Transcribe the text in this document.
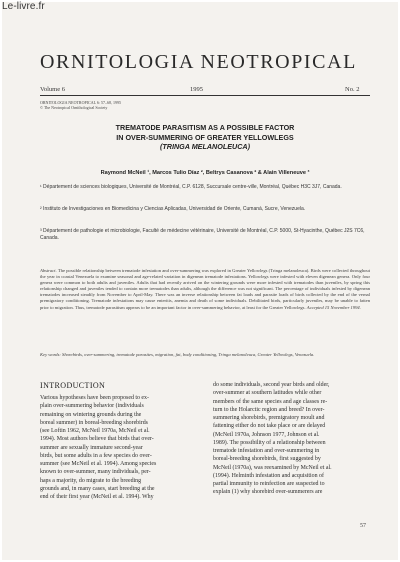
Le-livre.fr
ORNITOLOGIA NEOTROPICAL
Volume 6	1995	No. 2
ORNITOLOGIA NEOTROPICAL 6: 57–68, 1995
© The Neotropical Ornithological Society
TREMATODE PARASITISM AS A POSSIBLE FACTOR
IN OVER-SUMMERING OF GREATER YELLOWLEGS
(TRINGA MELANOLEUCA)
Raymond McNeil ¹, Marcos Tulio Díaz ², Beltrys Casanova ² & Alain Villeneuve ³
¹ Département de sciences biologiques, Université de Montréal, C.P. 6128, Succursale centre-ville, Montréal, Québec H3C 3J7, Canada.
² Instituto de Investigaciones en Biomedicina y Ciencias Aplicadas, Universidad de Oriente, Cumaná, Sucre, Venezuela.
³ Département de pathologie et microbiologie, Faculté de médecine vétérinaire, Université de Montréal, C.P. 5000, St-Hyacinthe, Québec J2S 7C6, Canada.
Abstract. The possible relationship between trematode infestation and over-summering was explored in Greater Yellowlegs (Tringa melanoleuca). Birds were collected throughout the year in coastal Venezuela to examine seasonal and age-related variation in digenean trematode infestations. Yellowlegs were infested with eleven digenean genera. Only four genera were common to both adults and juveniles. Adults that had recently arrived on the wintering grounds were more infested with trematodes than juveniles, by spring this relationship changed and juveniles tended to contain more trematodes than adults, although the difference was not significant. The percentage of individuals infested by digenean trematodes increased steadily from November to April-May. There was an inverse relationship between fat loads and parasite loads of birds collected by the end of the vernal premigratory conditioning. Trematode infestations may cause enteritis, anemia and death of some individuals. Debilitated birds, particularly juveniles, may be unable to fatten prior to migration. Thus, trematode parasitism appears to be an important factor in over-summering behavior, at least for the Greater Yellowlegs. Accepted 15 November 1994.
Key words: Shorebirds, over-summering, trematode parasites, migration, fat, body conditioning, Tringa melanoleuca, Greater Yellowlegs, Venezuela.
INTRODUCTION
Various hypotheses have been proposed to ex-
plain over-summering behavior (individuals
remaining on wintering grounds during the
boreal summer) in boreal-breeding shorebirds
(see Loftin 1962, McNeil 1970a, McNeil et al.
1994). Most authors believe that birds that over-
summer are sexually immature second-year
birds, but some adults in a few species do over-
summer (see McNeil et al. 1994). Among species
known to over-summer, many individuals, per-
haps a majority, do migrate to the breeding
grounds and, in many cases, start breeding at the
end of their first year (McNeil et al. 1994). Why
do some individuals, second year birds and older,
over-summer at southern latitudes while other
members of the same species and age classes re-
turn to the Holarctic region and breed? In over-
summering shorebirds, premigratory moult and
fattening either do not take place or are delayed
(McNeil 1970a, Johnson 1977, Johnson et al.
1989). The possibility of a relationship between
trematode infestation and over-summering in
boreal-breeding shorebirds, first suggested by
McNeil (1970a), was reexamined by McNeil et al.
(1994). Helminth infestation and acquisition of
partial immunity to reinfection are suspected to
explain (1) why shorebird over-summerers are
57
